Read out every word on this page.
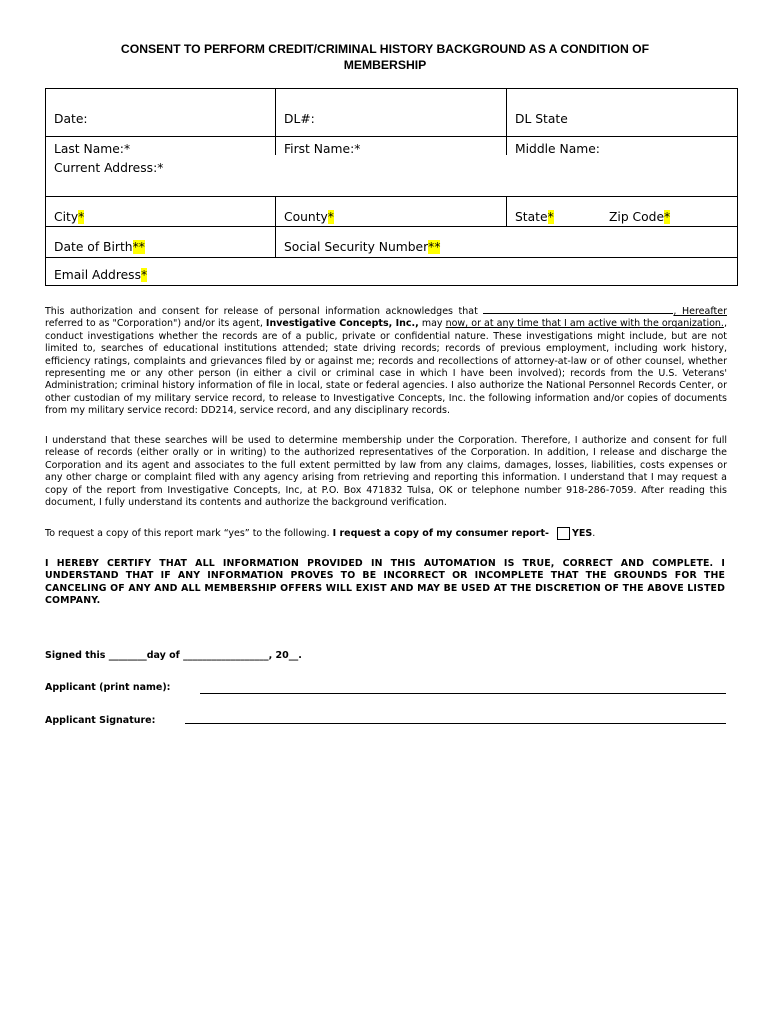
CONSENT TO PERFORM CREDIT/CRIMINAL HISTORY BACKGROUND AS A CONDITION OF
MEMBERSHIP
Date:	DL#:	DL State
Last Name:*	First Name:*	Middle Name:
Current Address:*
City*	County*	State*	Zip Code*
Date of Birth**	Social Security Number**
Email Address*

This authorization and consent for release of personal information acknowledges that	, Hereafter referred to as "Corporation") and/or its agent, Investigative Concepts, Inc., may now, or at any time that I am active with the organization., conduct investigations whether the records are of a public, private or confidential nature. These investigations might include, but are not limited to, searches of educational institutions attended; state driving records; records of previous employment, including work history, efficiency ratings, complaints and grievances filed by or against me; records and recollections of attorney-at-law or of other counsel, whether representing me or any other person (in either a civil or criminal case in which I have been involved); records from the U.S. Veterans' Administration; criminal history information of file in local, state or federal agencies. I also authorize the National Personnel Records Center, or other custodian of my military service record, to release to Investigative Concepts, Inc. the following information and/or copies of documents from my military service record: DD214, service record, and any disciplinary records.

I understand that these searches will be used to determine membership under the Corporation. Therefore, I authorize and consent for full release of records (either orally or in writing) to the authorized representatives of the Corporation. In addition, I release and discharge the Corporation and its agent and associates to the full extent permitted by law from any claims, damages, losses, liabilities, costs expenses or any other charge or complaint filed with any agency arising from retrieving and reporting this information. I understand that I may request a copy of the report from Investigative Concepts, Inc, at P.O. Box 471832 Tulsa, OK or telephone number 918-286-7059. After reading this document, I fully understand its contents and authorize the background verification.

To request a copy of this report mark “yes” to the following. I request a copy of my consumer report- YES.

I HEREBY CERTIFY THAT ALL INFORMATION PROVIDED IN THIS AUTOMATION IS TRUE, CORRECT AND COMPLETE. I UNDERSTAND THAT IF ANY INFORMATION PROVES TO BE INCORRECT OR INCOMPLETE THAT THE GROUNDS FOR THE CANCELING OF ANY AND ALL MEMBERSHIP OFFERS WILL EXIST AND MAY BE USED AT THE DISCRETION OF THE ABOVE LISTED COMPANY.

Signed this ________day of __________________, 20__.
Applicant (print name):
Applicant Signature:
